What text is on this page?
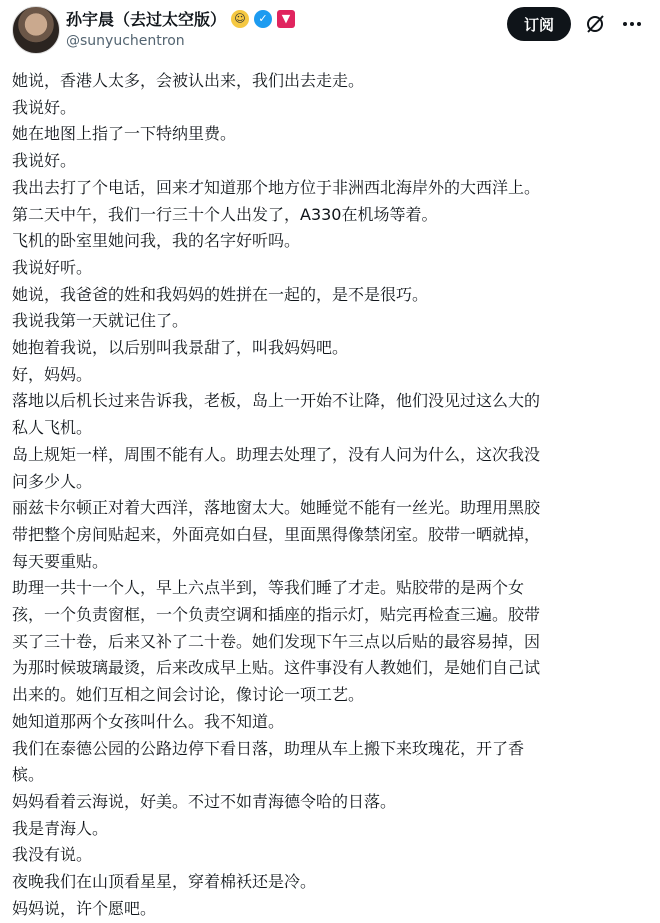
孙宇晨（去过太空版） ☺	✓	▼
@sunyuchentron
订阅
她说，香港人太多，会被认出来，我们出去走走。
我说好。
她在地图上指了一下特纳里费。
我说好。
我出去打了个电话，回来才知道那个地方位于非洲西北海岸外的大西洋上。
第二天中午，我们一行三十个人出发了，A330在机场等着。
飞机的卧室里她问我，我的名字好听吗。
我说好听。
她说，我爸爸的姓和我妈妈的姓拼在一起的，是不是很巧。
我说我第一天就记住了。
她抱着我说，以后别叫我景甜了，叫我妈妈吧。
好，妈妈。
落地以后机长过来告诉我，老板，岛上一开始不让降，他们没见过这么大的
私人飞机。
岛上规矩一样，周围不能有人。助理去处理了，没有人问为什么，这次我没
问多少人。
丽兹卡尔顿正对着大西洋，落地窗太大。她睡觉不能有一丝光。助理用黑胶
带把整个房间贴起来，外面亮如白昼，里面黑得像禁闭室。胶带一晒就掉，
每天要重贴。
助理一共十一个人，早上六点半到，等我们睡了才走。贴胶带的是两个女
孩，一个负责窗框，一个负责空调和插座的指示灯，贴完再检查三遍。胶带
买了三十卷，后来又补了二十卷。她们发现下午三点以后贴的最容易掉，因
为那时候玻璃最烫，后来改成早上贴。这件事没有人教她们，是她们自己试
出来的。她们互相之间会讨论，像讨论一项工艺。
她知道那两个女孩叫什么。我不知道。
我们在泰德公园的公路边停下看日落，助理从车上搬下来玫瑰花，开了香
槟。
妈妈看着云海说，好美。不过不如青海德令哈的日落。
我是青海人。
我没有说。
夜晚我们在山顶看星星，穿着棉袄还是冷。
妈妈说，许个愿吧。
